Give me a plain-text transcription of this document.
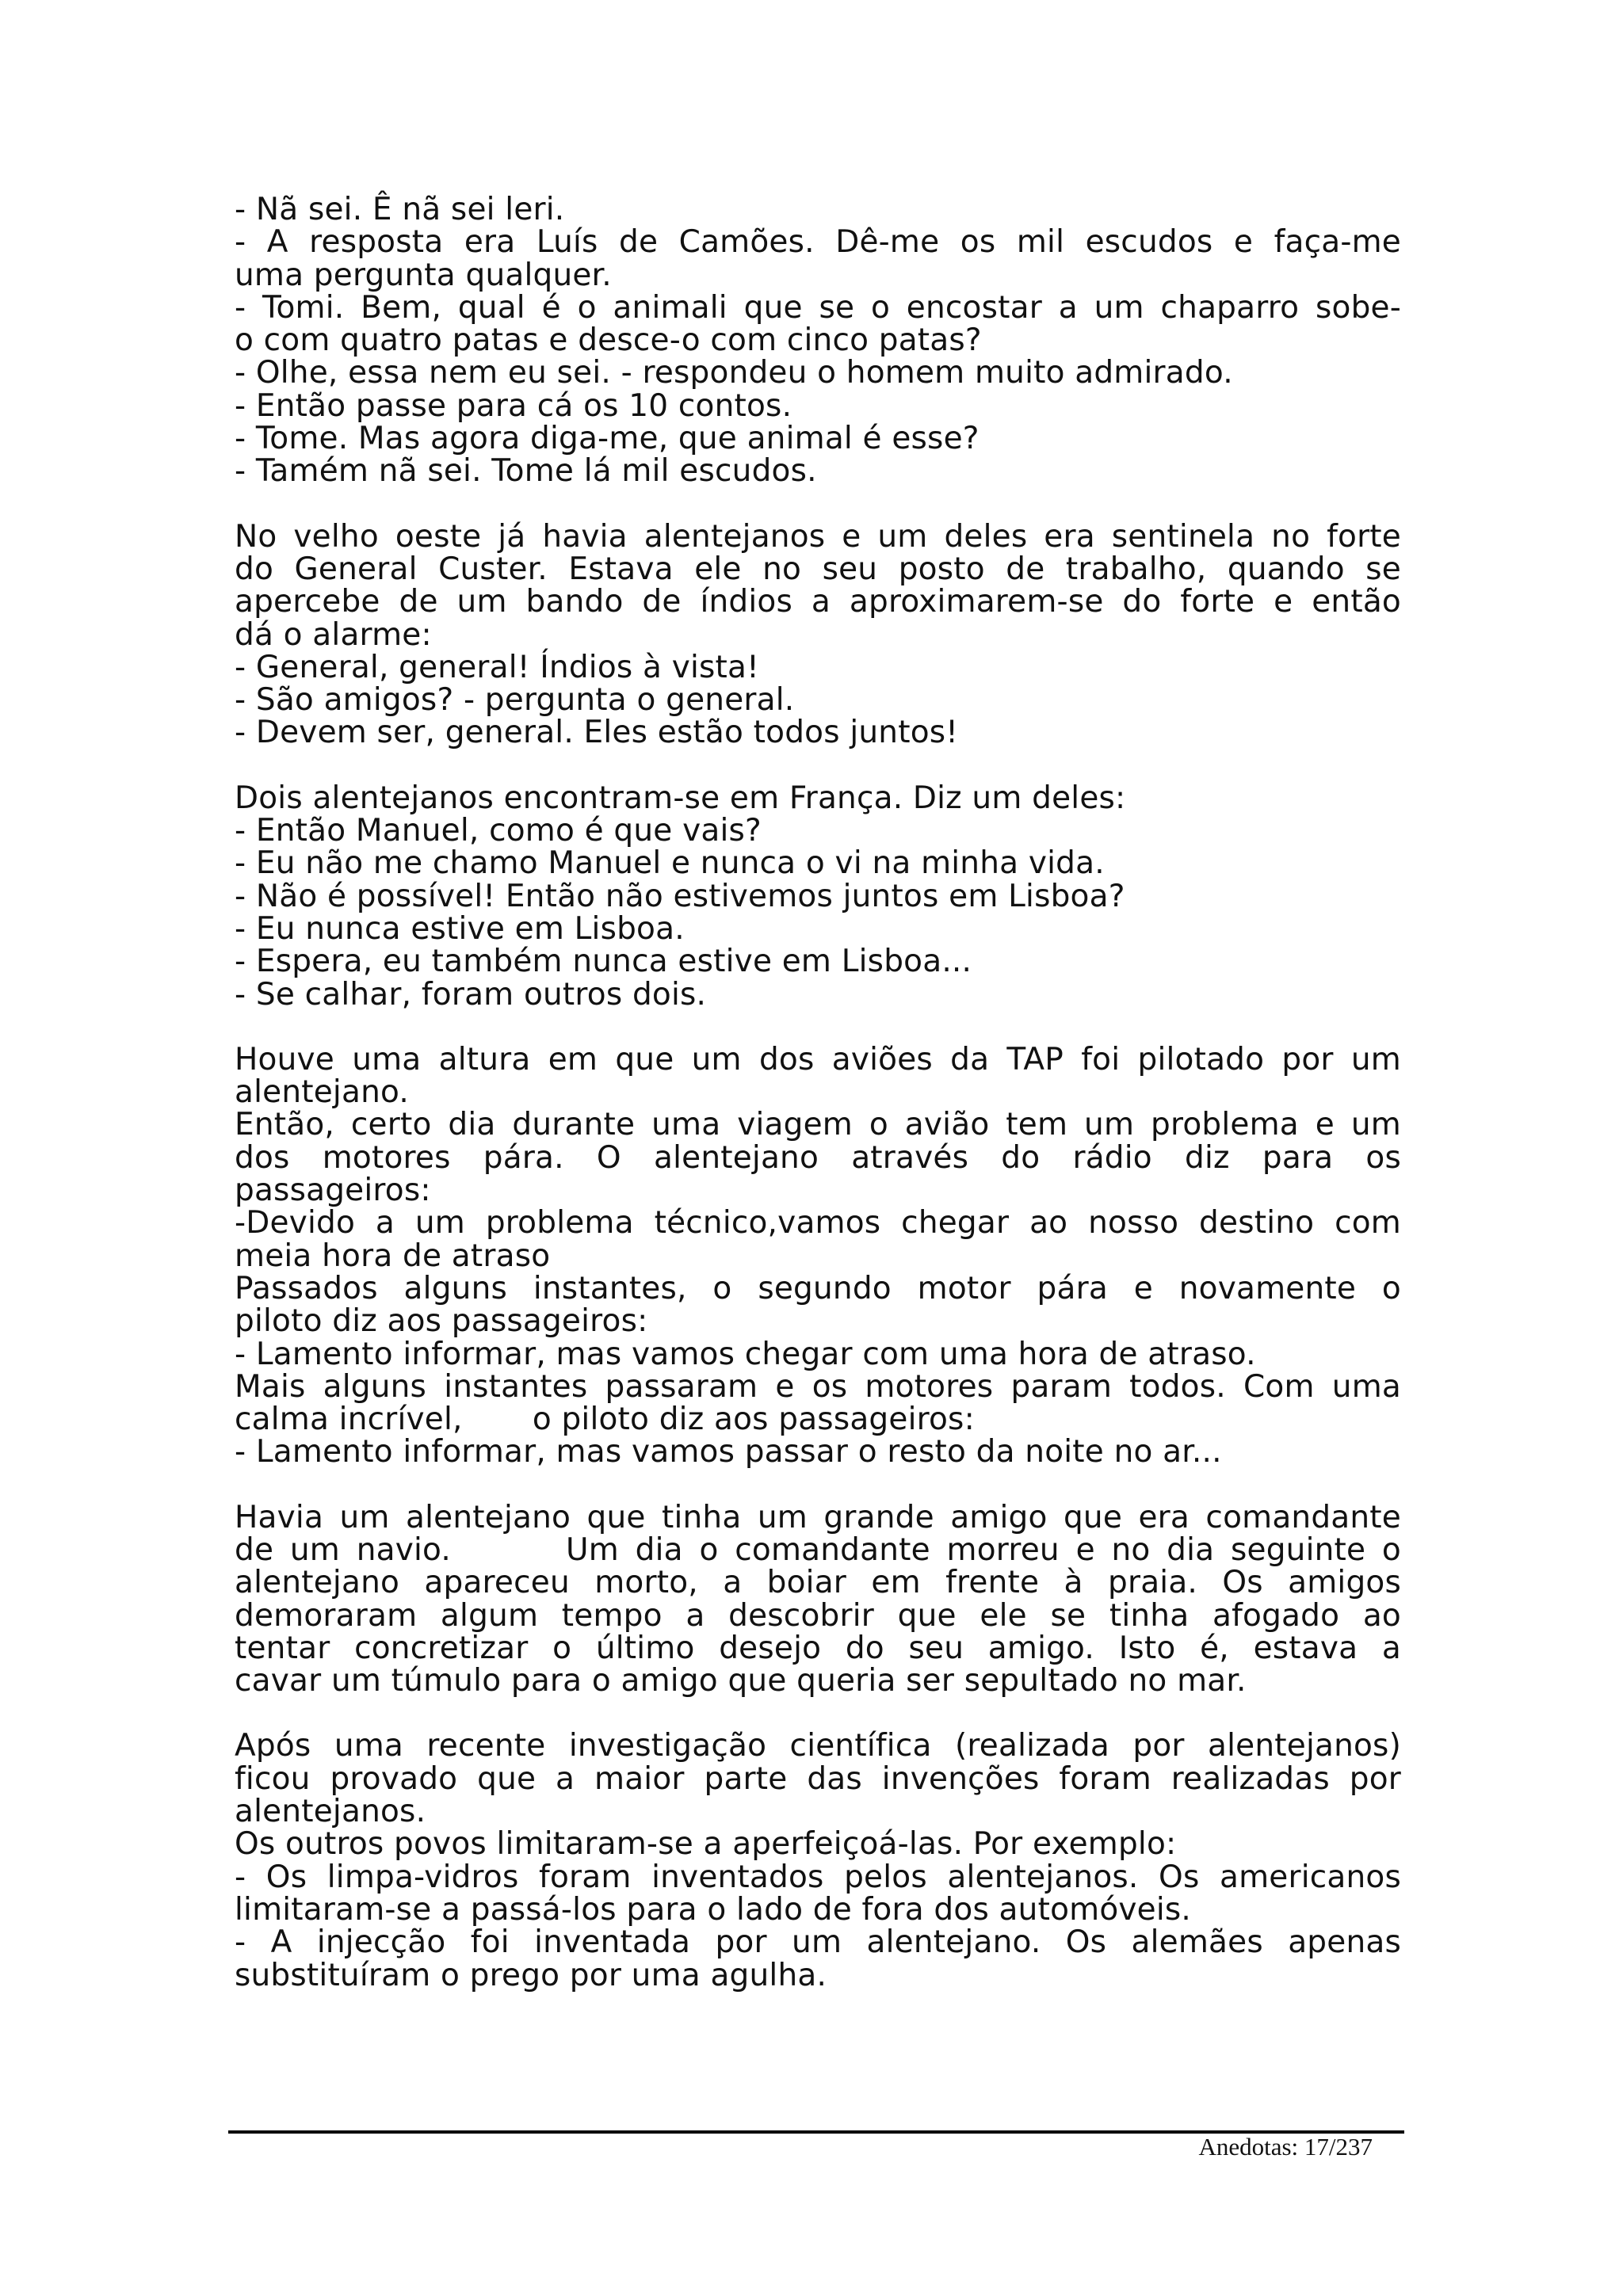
- Nã sei. Ê nã sei leri.
- A resposta era Luís de Camões. Dê-me os mil escudos e faça-me
uma pergunta qualquer.
- Tomi. Bem, qual é o animali que se o encostar a um chaparro sobe-
o com quatro patas e desce-o com cinco patas?
- Olhe, essa nem eu sei. - respondeu o homem muito admirado.
- Então passe para cá os 10 contos.
- Tome. Mas agora diga-me, que animal é esse?
- Tamém nã sei. Tome lá mil escudos.
No velho oeste já havia alentejanos e um deles era sentinela no forte
do General Custer. Estava ele no seu posto de trabalho, quando se
apercebe de um bando de índios a aproximarem-se do forte e então
dá o alarme:
- General, general! Índios à vista!
- São amigos? - pergunta o general.
- Devem ser, general. Eles estão todos juntos!
Dois alentejanos encontram-se em França. Diz um deles:
- Então Manuel, como é que vais?
- Eu não me chamo Manuel e nunca o vi na minha vida.
- Não é possível! Então não estivemos juntos em Lisboa?
- Eu nunca estive em Lisboa.
- Espera, eu também nunca estive em Lisboa...
- Se calhar, foram outros dois.
Houve uma altura em que um dos aviões da TAP foi pilotado por um
alentejano.
Então, certo dia durante uma viagem o avião tem um problema e um
dos motores pára. O alentejano através do rádio diz para os
passageiros:
-Devido a um problema técnico,vamos chegar ao nosso destino com
meia hora de atraso
Passados alguns instantes, o segundo motor pára e novamente o
piloto diz aos passageiros:
- Lamento informar, mas vamos chegar com uma hora de atraso.
Mais alguns instantes passaram e os motores param todos. Com uma
calma incrível,       o piloto diz aos passageiros:
- Lamento informar, mas vamos passar o resto da noite no ar...
Havia um alentejano que tinha um grande amigo que era comandante
de um navio.       Um dia o comandante morreu e no dia seguinte o
alentejano apareceu morto, a boiar em frente à praia. Os amigos
demoraram algum tempo a descobrir que ele se tinha afogado ao
tentar concretizar o último desejo do seu amigo. Isto é, estava a
cavar um túmulo para o amigo que queria ser sepultado no mar.
Após uma recente investigação científica (realizada por alentejanos)
ficou provado que a maior parte das invenções foram realizadas por
alentejanos.
Os outros povos limitaram-se a aperfeiçoá-las. Por exemplo:
- Os limpa-vidros foram inventados pelos alentejanos. Os americanos
limitaram-se a passá-los para o lado de fora dos automóveis.
- A injecção foi inventada por um alentejano. Os alemães apenas
substituíram o prego por uma agulha.
Anedotas: 17/237
